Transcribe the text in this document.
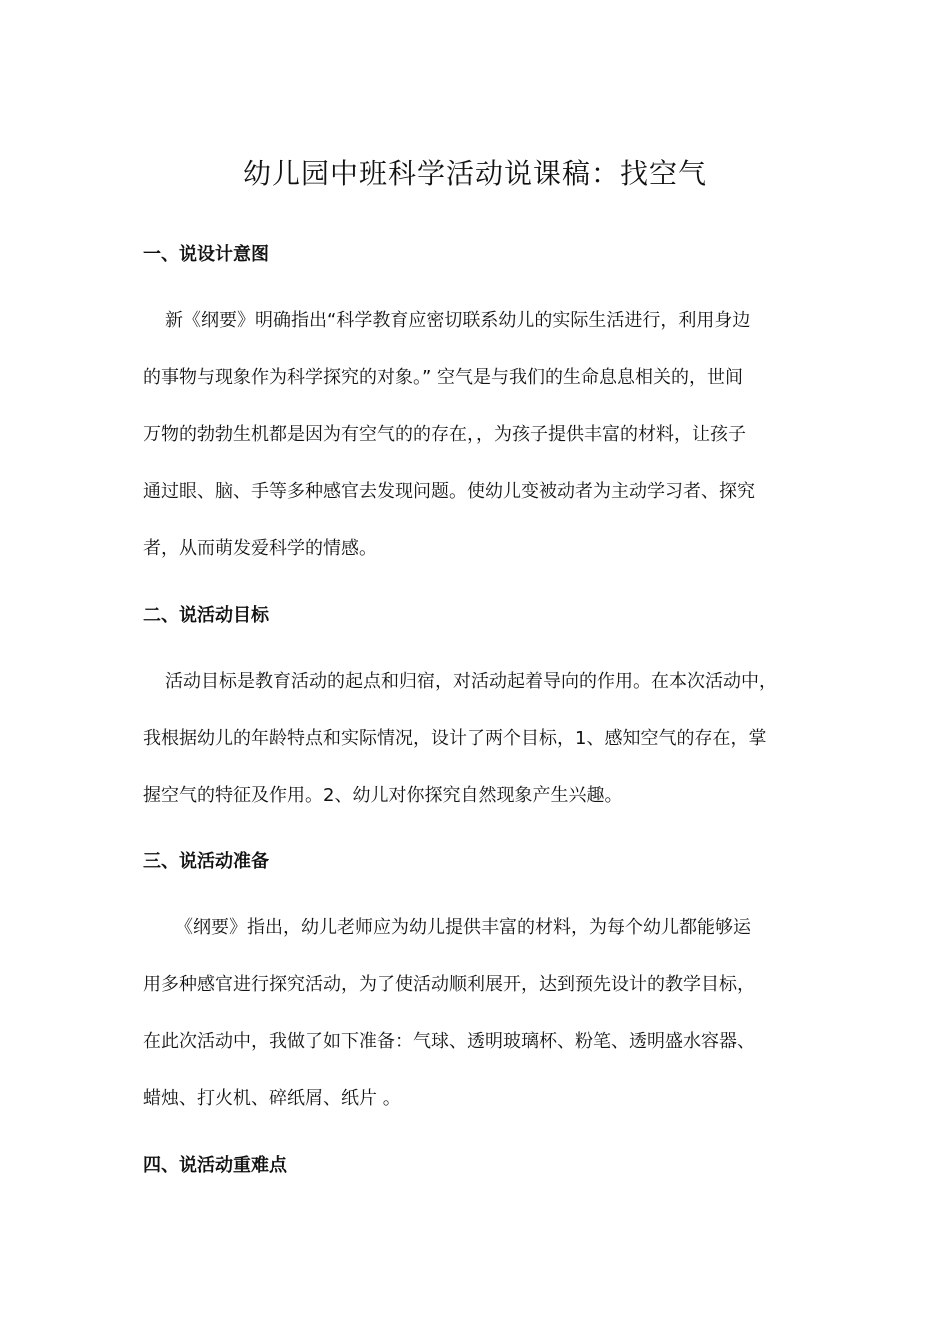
幼儿园中班科学活动说课稿：找空气
一、说设计意图
新《纲要》明确指出“科学教育应密切联系幼儿的实际生活进行，利用身边
的事物与现象作为科学探究的对象。” 空气是与我们的生命息息相关的，世间
万物的勃勃生机都是因为有空气的的存在，，为孩子提供丰富的材料，让孩子
通过眼、脑、手等多种感官去发现问题。使幼儿变被动者为主动学习者、探究
者，从而萌发爱科学的情感。
二、说活动目标
活动目标是教育活动的起点和归宿，对活动起着导向的作用。在本次活动中，
我根据幼儿的年龄特点和实际情况，设计了两个目标，1、感知空气的存在，掌
握空气的特征及作用。2、幼儿对你探究自然现象产生兴趣。
三、说活动准备
《纲要》指出，幼儿老师应为幼儿提供丰富的材料，为每个幼儿都能够运
用多种感官进行探究活动，为了使活动顺利展开，达到预先设计的教学目标，
在此次活动中，我做了如下准备：气球、透明玻璃杯、粉笔、透明盛水容器、
蜡烛、打火机、碎纸屑、纸片 。
四、说活动重难点
